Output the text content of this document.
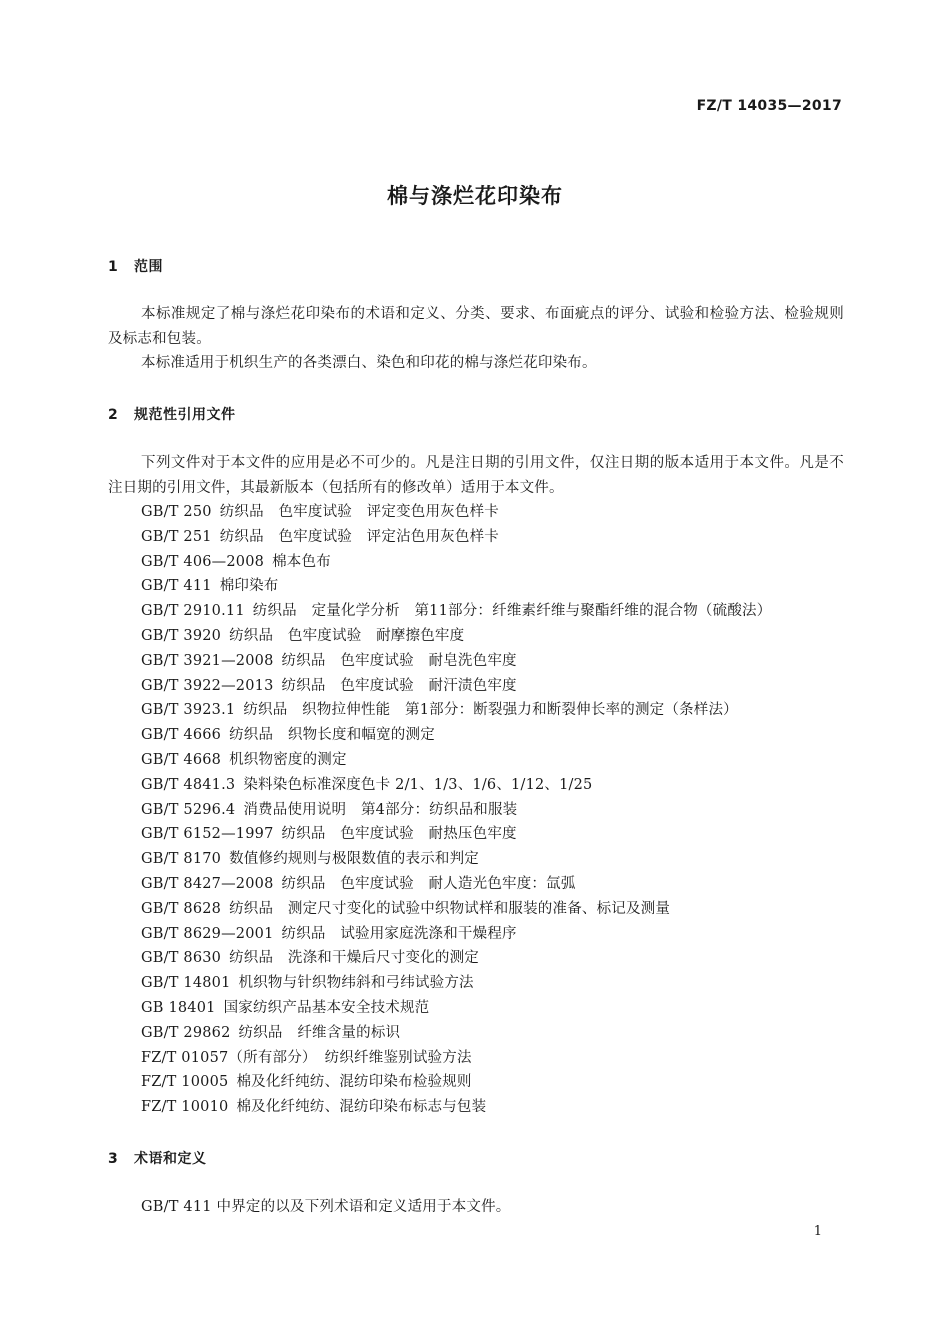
FZ/T 14035—2017
棉与涤烂花印染布
1 范围
本标准规定了棉与涤烂花印染布的术语和定义、分类、要求、布面疵点的评分、试验和检验方法、检验规则及标志和包装。
本标准适用于机织生产的各类漂白、染色和印花的棉与涤烂花印染布。
2 规范性引用文件
下列文件对于本文件的应用是必不可少的。凡是注日期的引用文件，仅注日期的版本适用于本文件。凡是不注日期的引用文件，其最新版本（包括所有的修改单）适用于本文件。
GB/T 250 纺织品　色牢度试验　评定变色用灰色样卡
GB/T 251 纺织品　色牢度试验　评定沾色用灰色样卡
GB/T 406—2008 棉本色布
GB/T 411 棉印染布
GB/T 2910.11 纺织品　定量化学分析　第11部分：纤维素纤维与聚酯纤维的混合物（硫酸法）
GB/T 3920 纺织品　色牢度试验　耐摩擦色牢度
GB/T 3921—2008 纺织品　色牢度试验　耐皂洗色牢度
GB/T 3922—2013 纺织品　色牢度试验　耐汗渍色牢度
GB/T 3923.1 纺织品　织物拉伸性能　第1部分：断裂强力和断裂伸长率的测定（条样法）
GB/T 4666 纺织品　织物长度和幅宽的测定
GB/T 4668 机织物密度的测定
GB/T 4841.3 染料染色标准深度色卡 2/1、1/3、1/6、1/12、1/25
GB/T 5296.4 消费品使用说明　第4部分：纺织品和服装
GB/T 6152—1997 纺织品　色牢度试验　耐热压色牢度
GB/T 8170 数值修约规则与极限数值的表示和判定
GB/T 8427—2008 纺织品　色牢度试验　耐人造光色牢度：氙弧
GB/T 8628 纺织品　测定尺寸变化的试验中织物试样和服装的准备、标记及测量
GB/T 8629—2001 纺织品　试验用家庭洗涤和干燥程序
GB/T 8630 纺织品　洗涤和干燥后尺寸变化的测定
GB/T 14801 机织物与针织物纬斜和弓纬试验方法
GB 18401 国家纺织产品基本安全技术规范
GB/T 29862 纺织品　纤维含量的标识
FZ/T 01057（所有部分） 纺织纤维鉴别试验方法
FZ/T 10005 棉及化纤纯纺、混纺印染布检验规则
FZ/T 10010 棉及化纤纯纺、混纺印染布标志与包装
3 术语和定义
GB/T 411 中界定的以及下列术语和定义适用于本文件。
1
